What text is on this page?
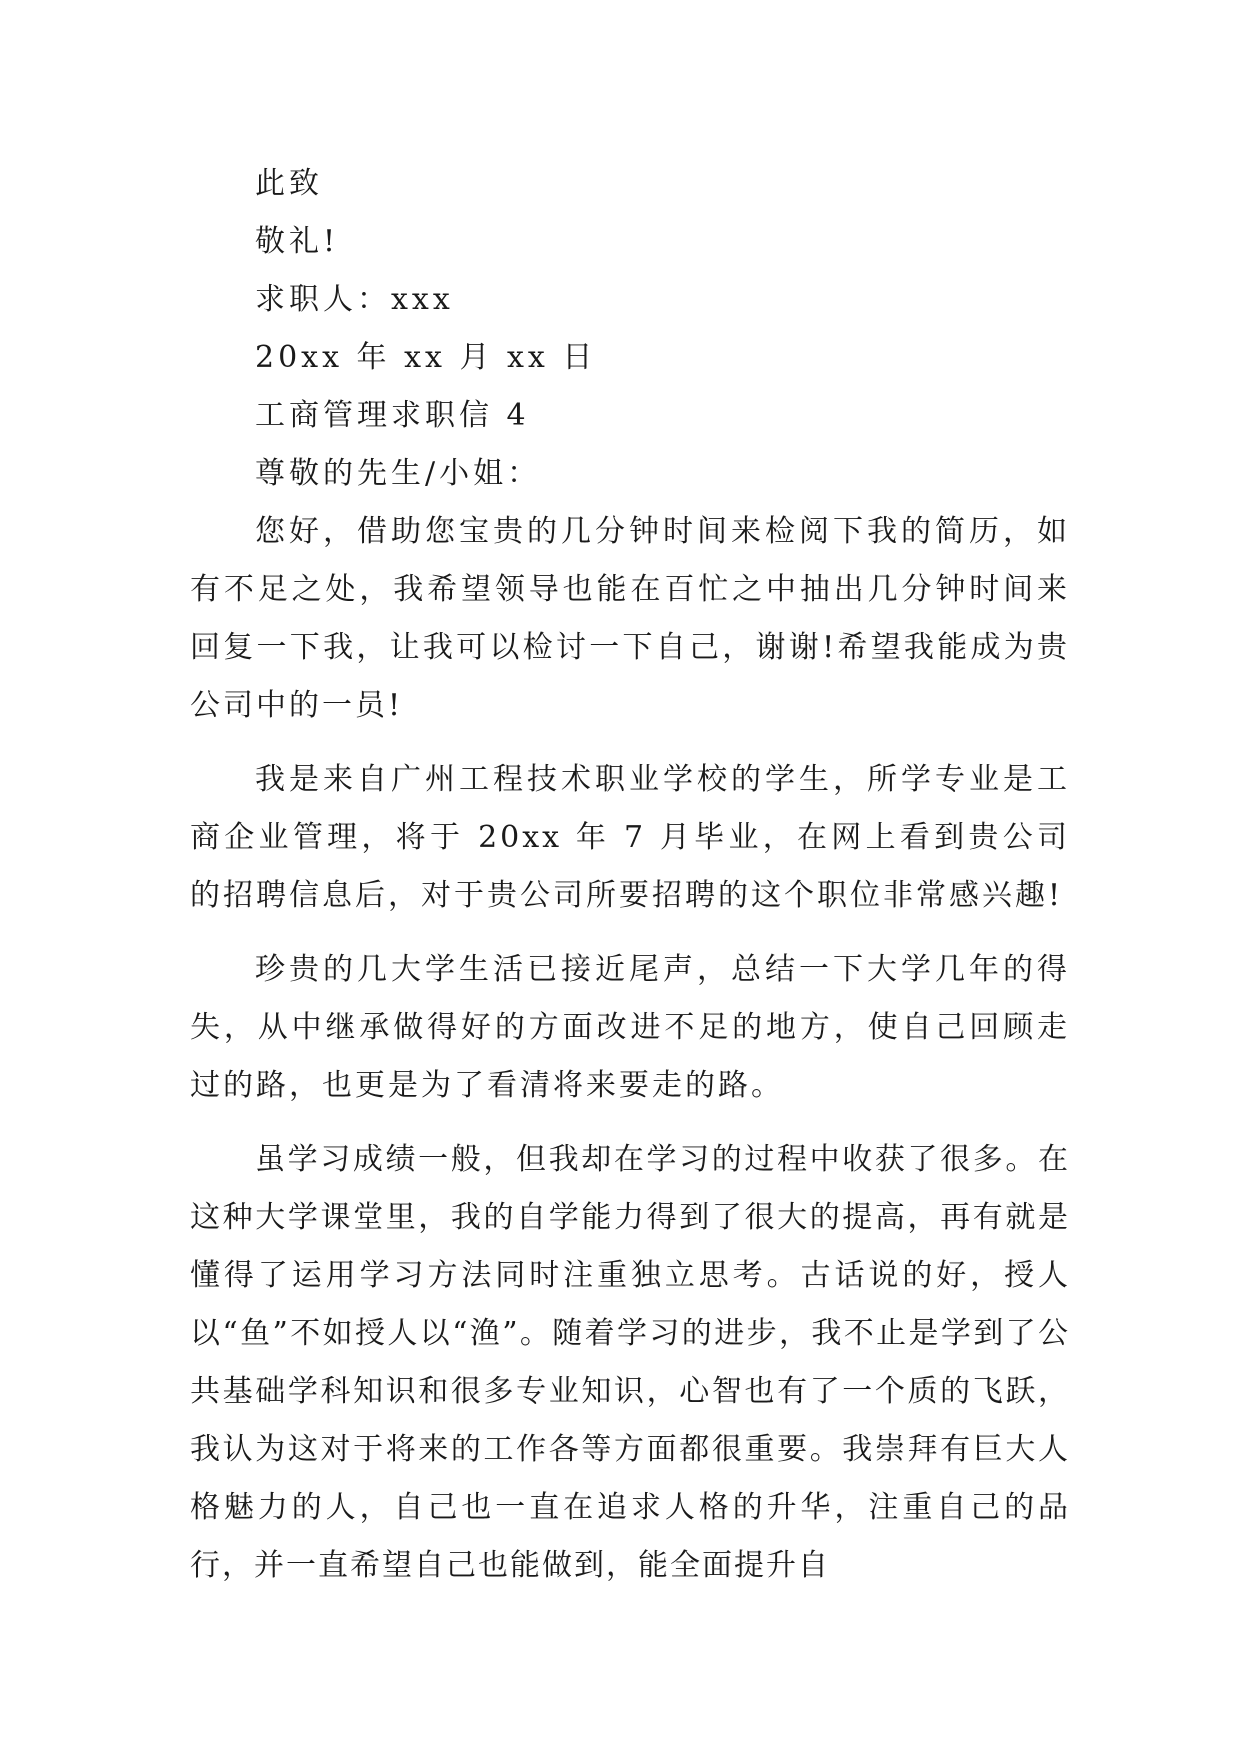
此致

敬礼!

求职人：xxx

20xx 年 xx 月 xx 日

工商管理求职信 4

尊敬的先生/小姐：

您好，借助您宝贵的几分钟时间来检阅下我的简历，如有不足之处，我希望领导也能在百忙之中抽出几分钟时间来回复一下我，让我可以检讨一下自己，谢谢!希望我能成为贵公司中的一员!

我是来自广州工程技术职业学校的学生，所学专业是工商企业管理，将于 20xx 年 7 月毕业，在网上看到贵公司的招聘信息后，对于贵公司所要招聘的这个职位非常感兴趣!

珍贵的几大学生活已接近尾声，总结一下大学几年的得失，从中继承做得好的方面改进不足的地方，使自己回顾走过的路，也更是为了看清将来要走的路。

虽学习成绩一般，但我却在学习的过程中收获了很多。在这种大学课堂里，我的自学能力得到了很大的提高，再有就是懂得了运用学习方法同时注重独立思考。古话说的好，授人以“鱼”不如授人以“渔”。随着学习的进步，我不止是学到了公共基础学科知识和很多专业知识，心智也有了一个质的飞跃，我认为这对于将来的工作各等方面都很重要。我崇拜有巨大人格魅力的人，自己也一直在追求人格的升华，注重自己的品行，并一直希望自己也能做到，能全面提升自
